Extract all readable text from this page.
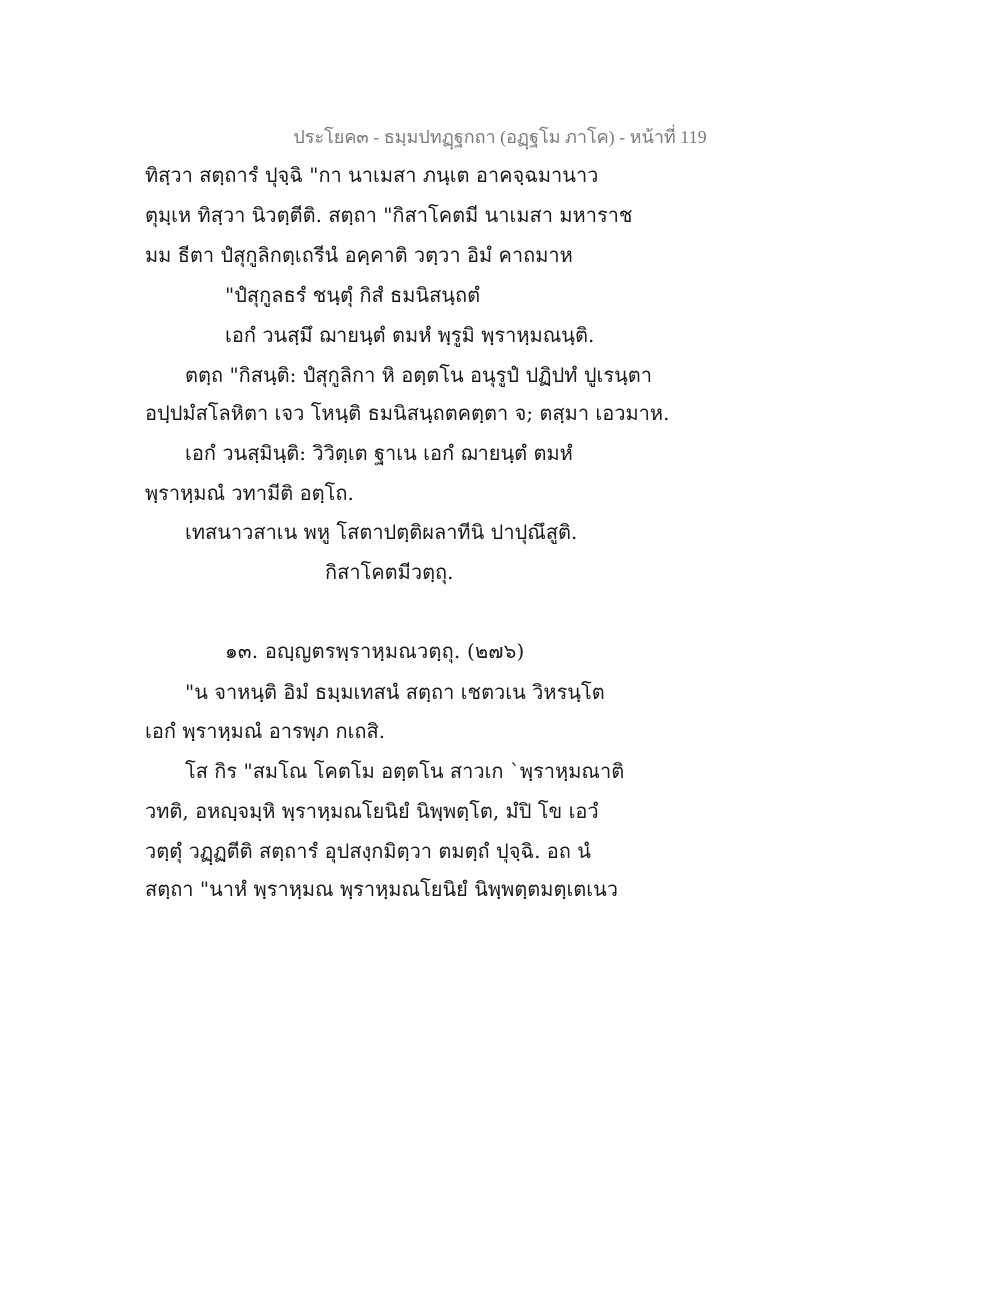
ประโยค๓ - ธมฺมปทฏฺฐกถา (อฏฺฐโม ภาโค) - หน้าที่ 119
ทิสฺวา สตฺถารํ ปุจฺฉิ "กา นาเมสา ภนฺเต อาคจฺฉมานาว
ตุมฺเห ทิสฺวา นิวตฺตีติ. สตฺถา "กิสาโคตมี นาเมสา มหาราช
มม ธีตา ปํสุกูลิกตฺเถรีนํ อคฺคาติ วตฺวา อิมํ คาถมาห
"ปํสุกูลธรํ ชนฺตุํ กิสํ ธมนิสนฺถตํ
เอกํ วนสฺมึ ฌายนฺตํ ตมหํ พฺรูมิ พฺราหฺมณนฺติ.
ตตฺถ "กิสนฺติ: ปํสุกูลิกา หิ อตฺตโน อนุรูปํ ปฏิปทํ ปูเรนฺตา
อปฺปมํสโลหิตา เจว โหนฺติ ธมนิสนฺถตคตฺตา จ; ตสฺมา เอวมาห.
เอกํ วนสฺมินฺติ: วิวิตฺเต ฐาเน เอกํ ฌายนฺตํ ตมหํ
พฺราหฺมณํ วทามีติ อตฺโถ.
เทสนาวสาเน พหู โสตาปตฺติผลาทีนิ ปาปุณึสูติ.
กิสาโคตมีวตฺถุ.
๑๓. อญฺญตรพฺราหฺมณวตฺถุ. (๒๗๖)
"น จาหนฺติ อิมํ ธมฺมเทสนํ สตฺถา เชตวเน วิหรนฺโต
เอกํ พฺราหฺมณํ อารพฺภ กเถสิ.
โส กิร "สมโณ โคตโม อตฺตโน สาวเก `พฺราหฺมณาติ
วทติ, อหญฺจมฺหิ พฺราหฺมณโยนิยํ นิพฺพตฺโต, มํปิ โข เอวํ
วตฺตุํ วฏฺฏตีติ สตฺถารํ อุปสงฺกมิตฺวา ตมตฺถํ ปุจฺฉิ. อถ นํ
สตฺถา "นาหํ พฺราหฺมณ พฺราหฺมณโยนิยํ นิพฺพตฺตมตฺเตเนว
